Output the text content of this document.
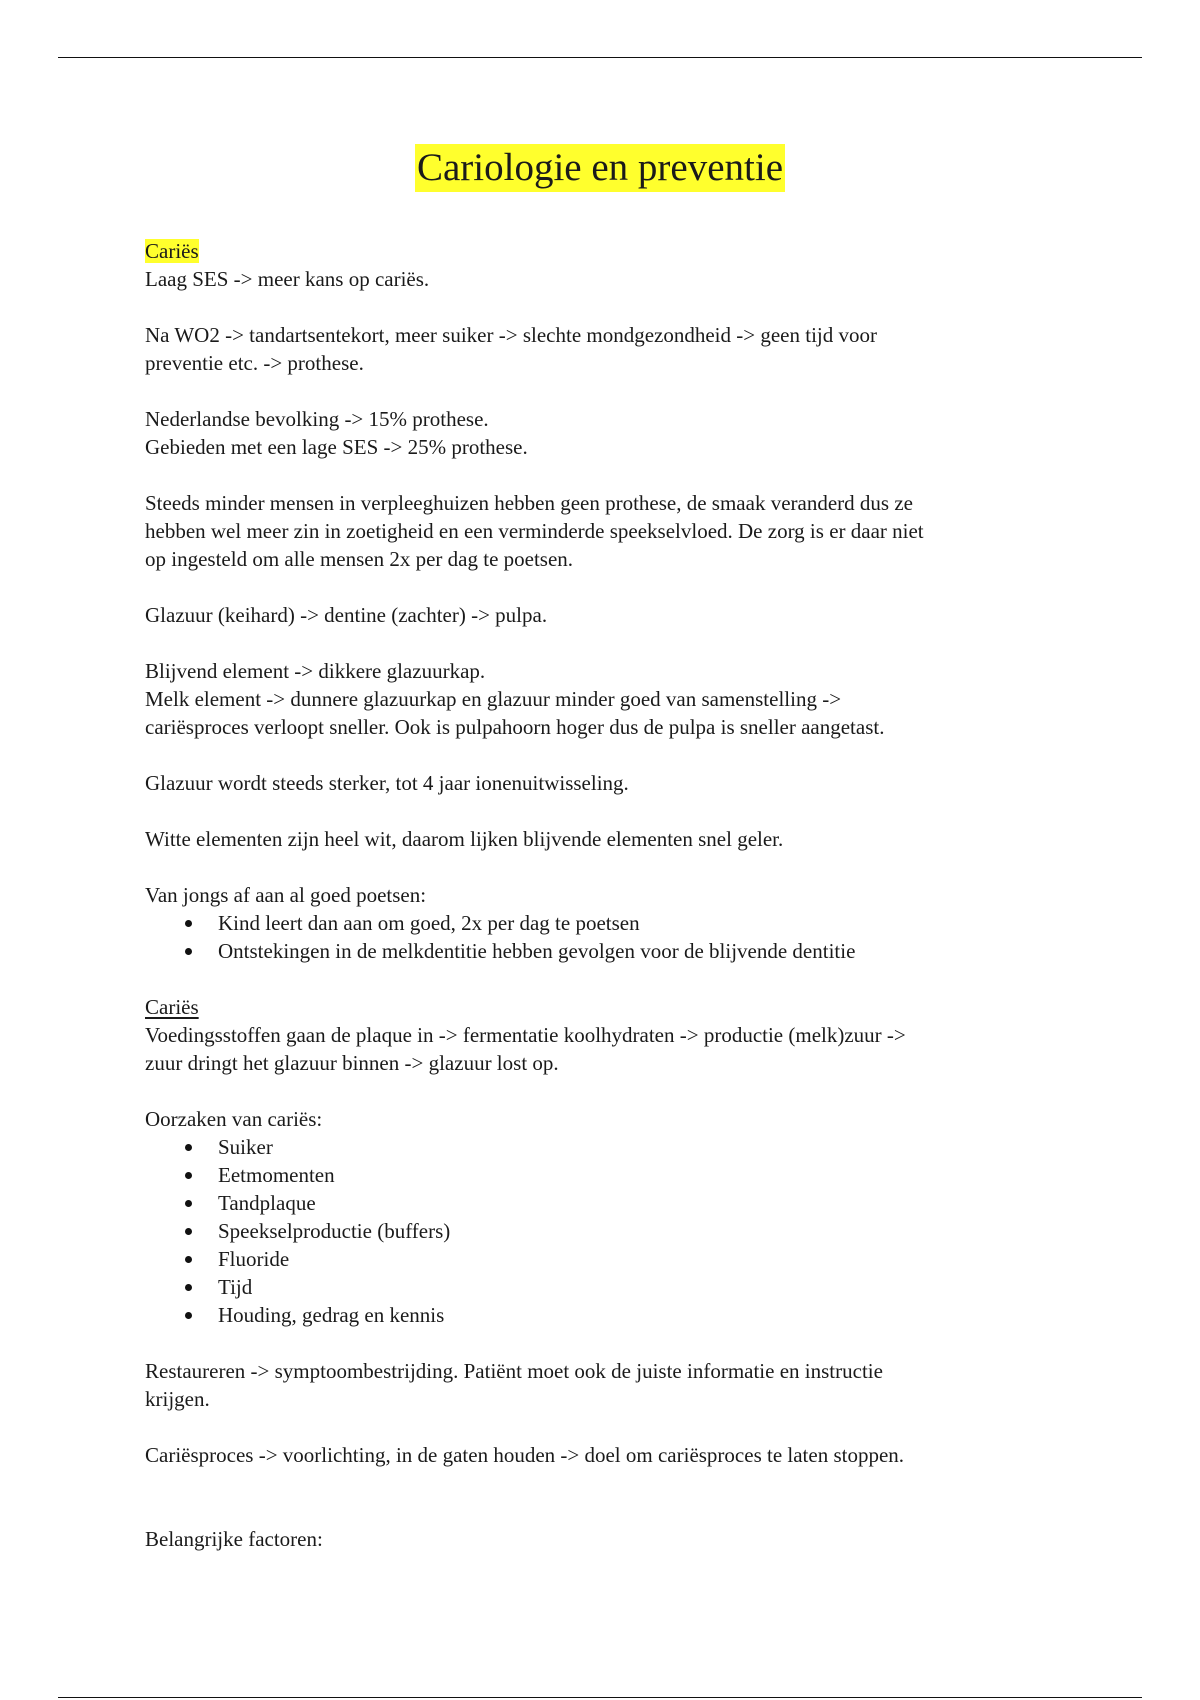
Cariologie en preventie

Cariës

Laag SES -> meer kans op cariës.

Na WO2 -> tandartsentekort, meer suiker -> slechte mondgezondheid -> geen tijd voor

preventie etc. -> prothese.

Nederlandse bevolking -> 15% prothese.

Gebieden met een lage SES -> 25% prothese.

Steeds minder mensen in verpleeghuizen hebben geen prothese, de smaak veranderd dus ze

hebben wel meer zin in zoetigheid en een verminderde speekselvloed. De zorg is er daar niet

op ingesteld om alle mensen 2x per dag te poetsen.

Glazuur (keihard) -> dentine (zachter) -> pulpa.

Blijvend element -> dikkere glazuurkap.

Melk element -> dunnere glazuurkap en glazuur minder goed van samenstelling ->

cariësproces verloopt sneller. Ook is pulpahoorn hoger dus de pulpa is sneller aangetast.

Glazuur wordt steeds sterker, tot 4 jaar ionenuitwisseling.

Witte elementen zijn heel wit, daarom lijken blijvende elementen snel geler.

Van jongs af aan al goed poetsen:

Kind leert dan aan om goed, 2x per dag te poetsen
Ontstekingen in de melkdentitie hebben gevolgen voor de blijvende dentitie

Cariës

Voedingsstoffen gaan de plaque in -> fermentatie koolhydraten -> productie (melk)zuur ->

zuur dringt het glazuur binnen -> glazuur lost op.

Oorzaken van cariës:

Suiker
Eetmomenten
Tandplaque
Speekselproductie (buffers)
Fluoride
Tijd
Houding, gedrag en kennis

Restaureren -> symptoombestrijding. Patiënt moet ook de juiste informatie en instructie

krijgen.

Cariësproces -> voorlichting, in de gaten houden -> doel om cariësproces te laten stoppen.

Belangrijke factoren:
